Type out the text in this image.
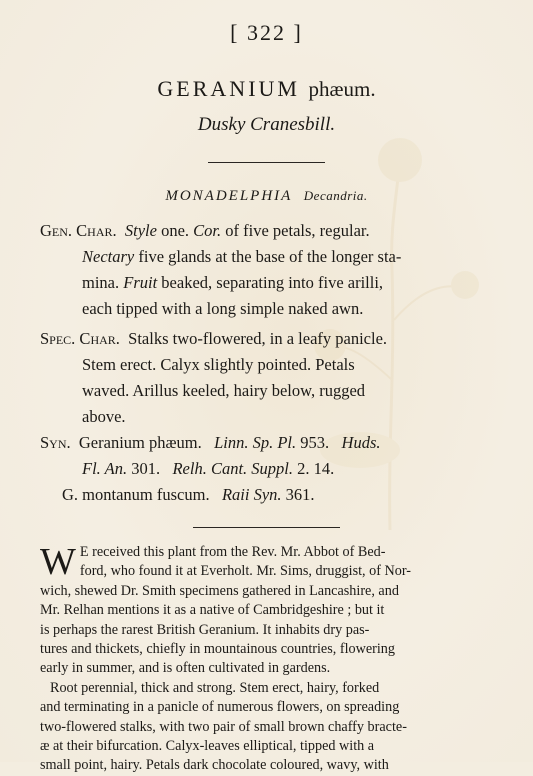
[ 322 ]
GERANIUM phæum.
Dusky Cranesbill.
MONADELPHIA Decandria.
Gen. Char. Style one. Cor. of five petals, regular.
Nectary five glands at the base of the longer sta-
mina. Fruit beaked, separating into five arilli,
each tipped with a long simple naked awn.
Spec. Char. Stalks two-flowered, in a leafy panicle.
Stem erect. Calyx slightly pointed. Petals
waved. Arillus keeled, hairy below, rugged
above.
Syn. Geranium phæum. Linn. Sp. Pl. 953. Huds.
Fl. An. 301. Relh. Cant. Suppl. 2. 14.
G. montanum fuscum. Raii Syn. 361.
W E received this plant from the Rev. Mr. Abbot of Bed-
ford, who found it at Everholt. Mr. Sims, druggist, of Nor-
wich, shewed Dr. Smith specimens gathered in Lancashire, and
Mr. Relhan mentions it as a native of Cambridgeshire ; but it
is perhaps the rarest British Geranium. It inhabits dry pas-
tures and thickets, chiefly in mountainous countries, flowering
early in summer, and is often cultivated in gardens.
Root perennial, thick and strong. Stem erect, hairy, forked
and terminating in a panicle of numerous flowers, on spreading
two-flowered stalks, with two pair of small brown chaffy bracte-
æ at their bifurcation. Calyx-leaves elliptical, tipped with a
small point, hairy. Petals dark chocolate coloured, wavy, with
